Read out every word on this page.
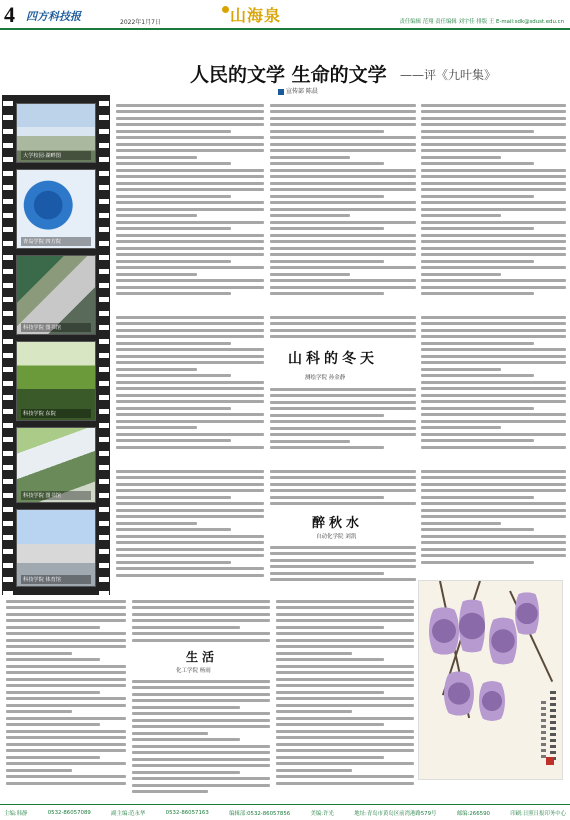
4 四方科技报	2022年1月7日	山海泉	责任编辑 范翔 责任编辑 刘宇佳 排版 王 E-mail:sdk@sdust.edu.cn
大学校园·湖畔图
青岛学院 四方院
科技学院 图书馆
科技学院 东院
科技学院 图书馆
科技学院 体育馆
人民的文学 生命的文学 ——评《九叶集》
宣传部 陈晨
山科的冬天
测绘学院 孙金静
醉秋水
自动化学院 刘凯
生活
化工学院 杨雨
主编:韩静	0532-86057089	副主编:范永华	0532-86057163	编辑部:0532-86057856	美编:许光	地址:青岛市黄岛区前湾港路579号	邮编:266590	印刷:日照日报印务中心
